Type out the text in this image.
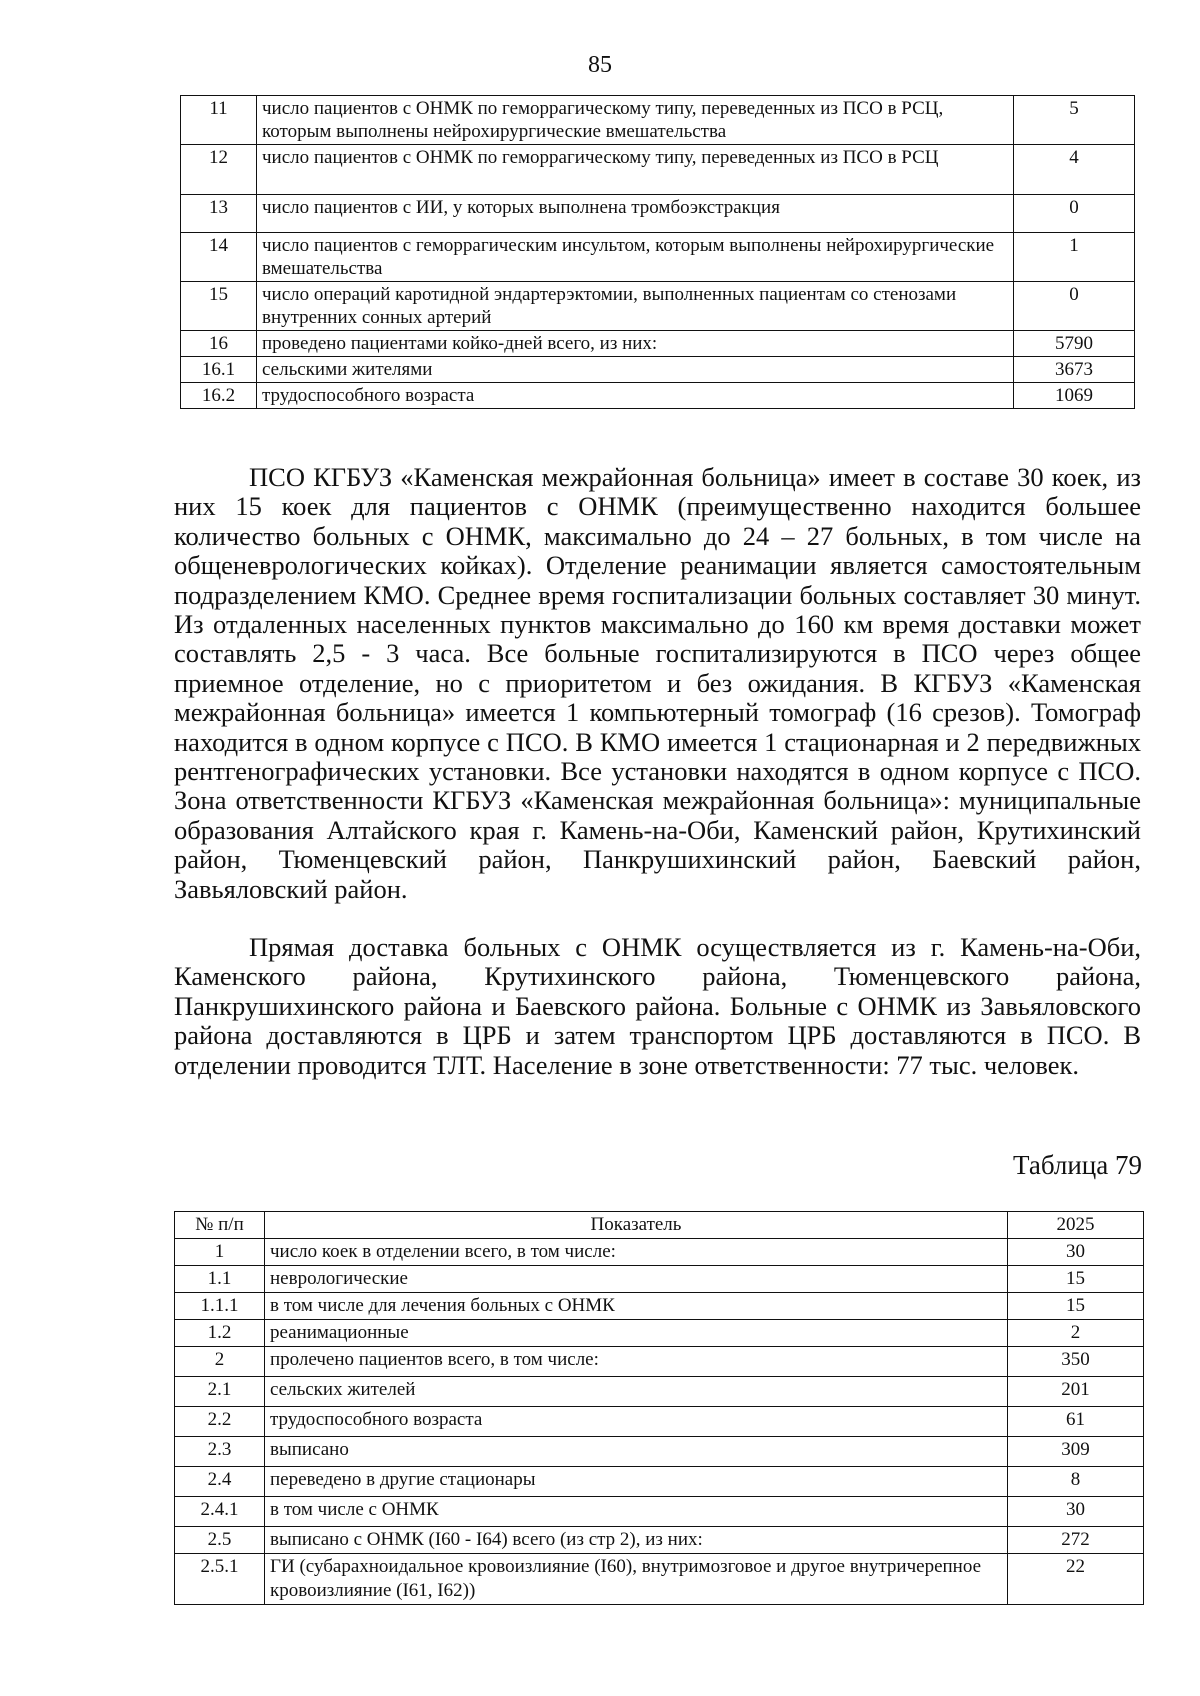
85
11	число пациентов с ОНМК по геморрагическому типу, переведенных из ПСО в РСЦ, которым выполнены нейрохирургические вмешательства	5
12	число пациентов с ОНМК по геморрагическому типу, переведенных из ПСО в РСЦ	4
13	число пациентов с ИИ, у которых выполнена тромбоэкстракция	0
14	число пациентов с геморрагическим инсультом, которым выполнены нейрохирургические вмешательства	1
15	число операций каротидной эндартерэктомии, выполненных пациентам со стенозами внутренних сонных артерий	0
16	проведено пациентами койко-дней всего, из них:	5790
16.1	сельскими жителями	3673
16.2	трудоспособного возраста	1069

ПСО КГБУЗ «Каменская межрайонная больница» имеет в составе 30 коек, из них 15 коек для пациентов с ОНМК (преимущественно находится большее количество больных с ОНМК, максимально до 24 – 27 больных, в том числе на общеневрологических койках). Отделение реанимации является самостоятельным подразделением КМО. Среднее время госпитализации больных составляет 30 минут. Из отдаленных населенных пунктов максимально до 160 км время доставки может составлять 2,5 - 3 часа. Все больные госпитализируются в ПСО через общее приемное отделение, но с приоритетом и без ожидания. В КГБУЗ «Каменская межрайонная больница» имеется 1 компьютерный томограф (16 срезов). Томограф находится в одном корпусе с ПСО. В КМО имеется 1 стационарная и 2 передвижных рентгенографических установки. Все установки находятся в одном корпусе с ПСО. Зона ответственности КГБУЗ «Каменская межрайонная больница»: муниципальные образования Алтайского края г. Камень-на-Оби, Каменский район, Крутихинский район, Тюменцевский район, Панкрушихинский район, Баевский район, Завьяловский район.

Прямая доставка больных с ОНМК осуществляется из г. Камень-на-Оби, Каменского района, Крутихинского района, Тюменцевского района, Панкрушихинского района и Баевского района. Больные с ОНМК из Завьяловского района доставляются в ЦРБ и затем транспортом ЦРБ доставляются в ПСО. В отделении проводится ТЛТ. Население в зоне ответственности: 77 тыс. человек.

Таблица 79
№ п/п	Показатель	2025
1	число коек в отделении всего, в том числе:	30
1.1	неврологические	15
1.1.1	в том числе для лечения больных с ОНМК	15
1.2	реанимационные	2
2	пролечено пациентов всего, в том числе:	350
2.1	сельских жителей	201
2.2	трудоспособного возраста	61
2.3	выписано	309
2.4	переведено в другие стационары	8
2.4.1	в том числе с ОНМК	30
2.5	выписано с ОНМК (I60 - I64) всего (из стр 2), из них:	272
2.5.1	ГИ (субарахноидальное кровоизлияние (I60), внутримозговое и другое внутричерепное кровоизлияние (I61, I62))	22
